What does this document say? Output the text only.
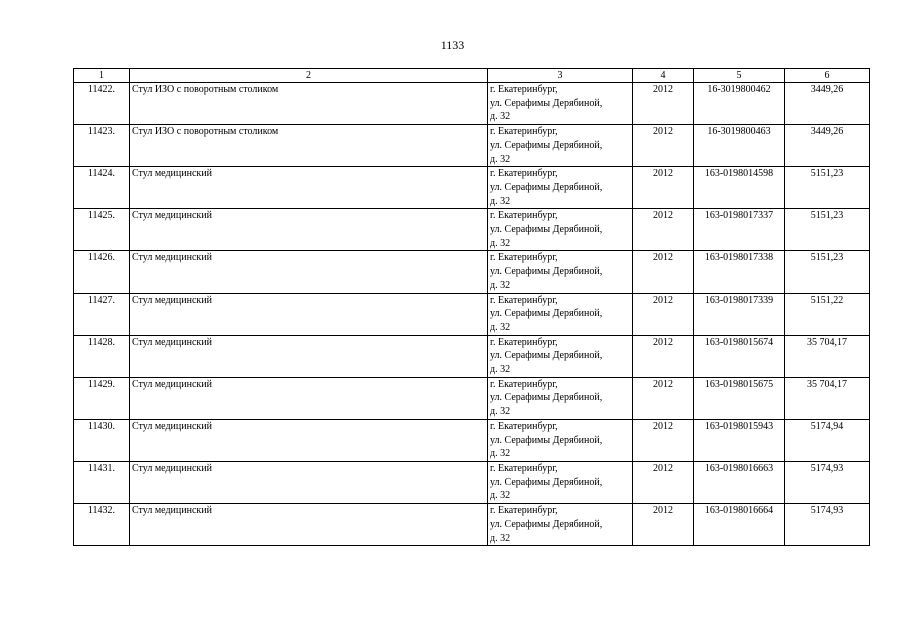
1133
1	2	3	4	5	6
11422.	Стул ИЗО с поворотным столиком	г. Екатеринбург,
ул. Серафимы Дерябиной,
д. 32	2012	16-3019800462	3449,26
11423.	Стул ИЗО с поворотным столиком	г. Екатеринбург,
ул. Серафимы Дерябиной,
д. 32	2012	16-3019800463	3449,26
11424.	Стул медицинский	г. Екатеринбург,
ул. Серафимы Дерябиной,
д. 32	2012	163-0198014598	5151,23
11425.	Стул медицинский	г. Екатеринбург,
ул. Серафимы Дерябиной,
д. 32	2012	163-0198017337	5151,23
11426.	Стул медицинский	г. Екатеринбург,
ул. Серафимы Дерябиной,
д. 32	2012	163-0198017338	5151,23
11427.	Стул медицинский	г. Екатеринбург,
ул. Серафимы Дерябиной,
д. 32	2012	163-0198017339	5151,22
11428.	Стул медицинский	г. Екатеринбург,
ул. Серафимы Дерябиной,
д. 32	2012	163-0198015674	35 704,17
11429.	Стул медицинский	г. Екатеринбург,
ул. Серафимы Дерябиной,
д. 32	2012	163-0198015675	35 704,17
11430.	Стул медицинский	г. Екатеринбург,
ул. Серафимы Дерябиной,
д. 32	2012	163-0198015943	5174,94
11431.	Стул медицинский	г. Екатеринбург,
ул. Серафимы Дерябиной,
д. 32	2012	163-0198016663	5174,93
11432.	Стул медицинский	г. Екатеринбург,
ул. Серафимы Дерябиной,
д. 32	2012	163-0198016664	5174,93
